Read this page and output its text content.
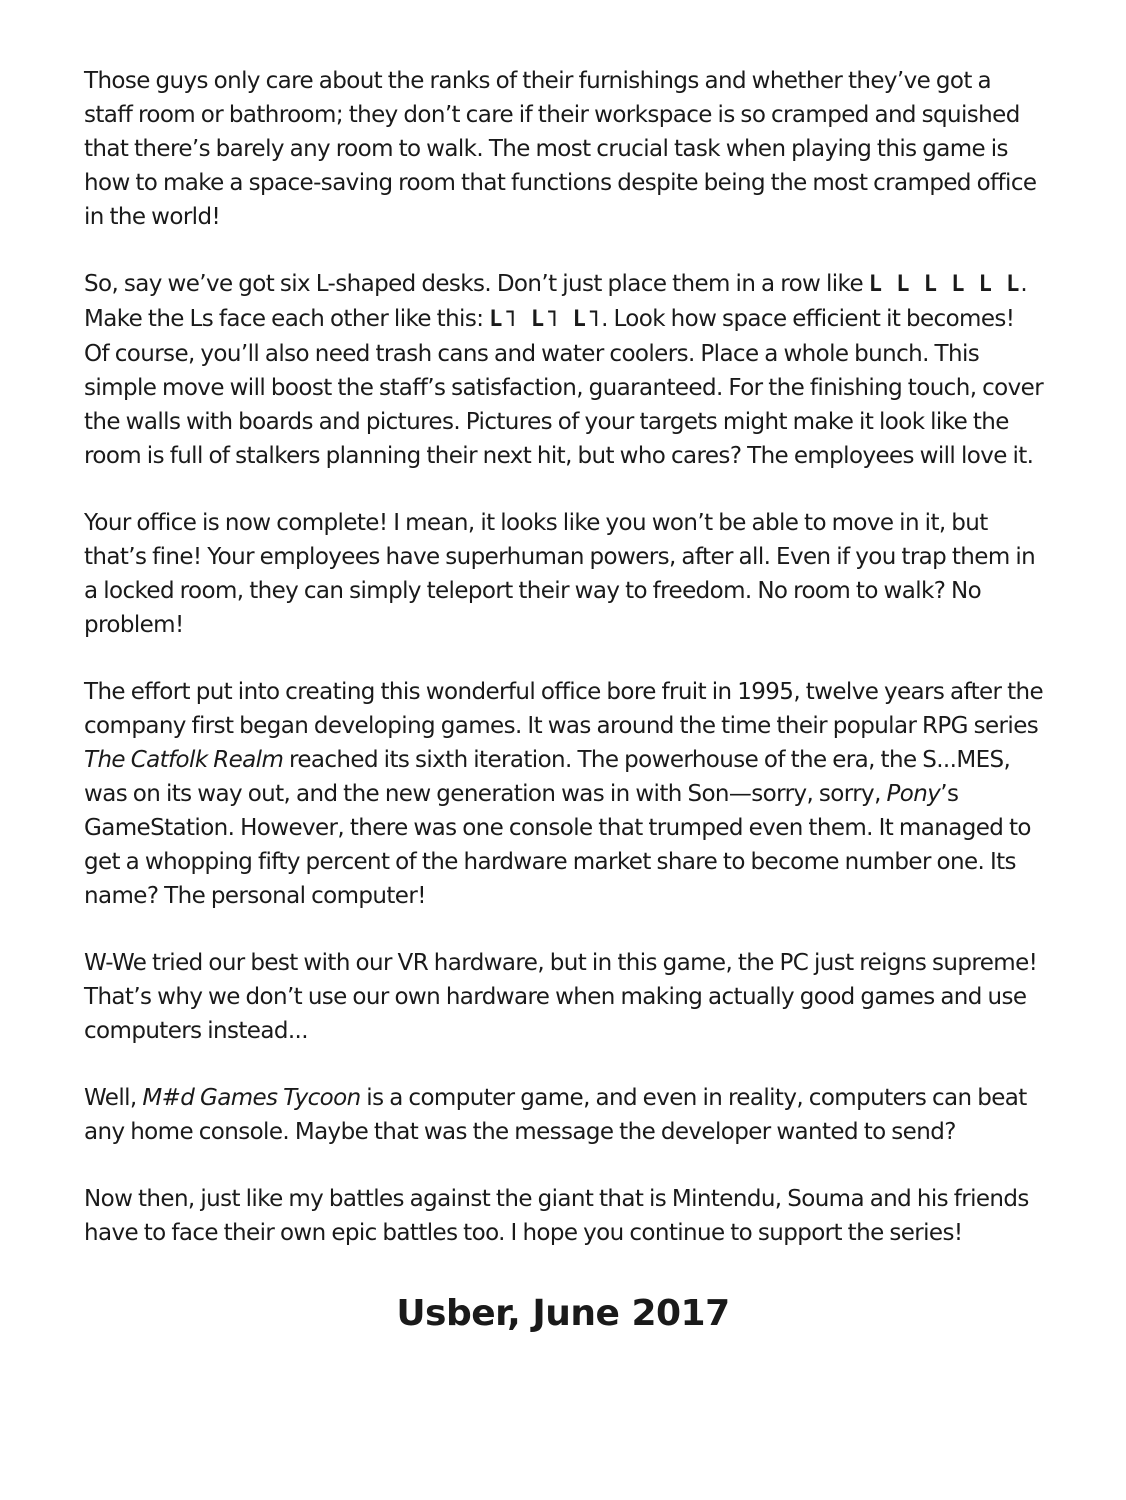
Those guys only care about the ranks of their furnishings and whether they’ve got a staff room or bathroom; they don’t care if their workspace is so cramped and squished that there’s barely any room to walk. The most crucial task when playing this game is how to make a space-saving room that functions despite being the most cramped office in the world!

So, say we’ve got six L-shaped desks. Don’t just place them in a row like L L L L L L. Make the Ls face each other like this: L˥ L˥ L˥. Look how space efficient it becomes! Of course, you’ll also need trash cans and water coolers. Place a whole bunch. This simple move will boost the staff’s satisfaction, guaranteed. For the finishing touch, cover the walls with boards and pictures. Pictures of your targets might make it look like the room is full of stalkers planning their next hit, but who cares? The employees will love it.

Your office is now complete! I mean, it looks like you won’t be able to move in it, but that’s fine! Your employees have superhuman powers, after all. Even if you trap them in a locked room, they can simply teleport their way to freedom. No room to walk? No problem!

The effort put into creating this wonderful office bore fruit in 1995, twelve years after the company first began developing games. It was around the time their popular RPG series The Catfolk Realm reached its sixth iteration. The powerhouse of the era, the S...MES, was on its way out, and the new generation was in with Son—sorry, sorry, Pony’s GameStation. However, there was one console that trumped even them. It managed to get a whopping fifty percent of the hardware market share to become number one. Its name? The personal computer!

W-We tried our best with our VR hardware, but in this game, the PC just reigns supreme! That’s why we don’t use our own hardware when making actually good games and use computers instead...

Well, M#d Games Tycoon is a computer game, and even in reality, computers can beat any home console. Maybe that was the message the developer wanted to send?

Now then, just like my battles against the giant that is Mintendu, Souma and his friends have to face their own epic battles too. I hope you continue to support the series!

Usber, June 2017
